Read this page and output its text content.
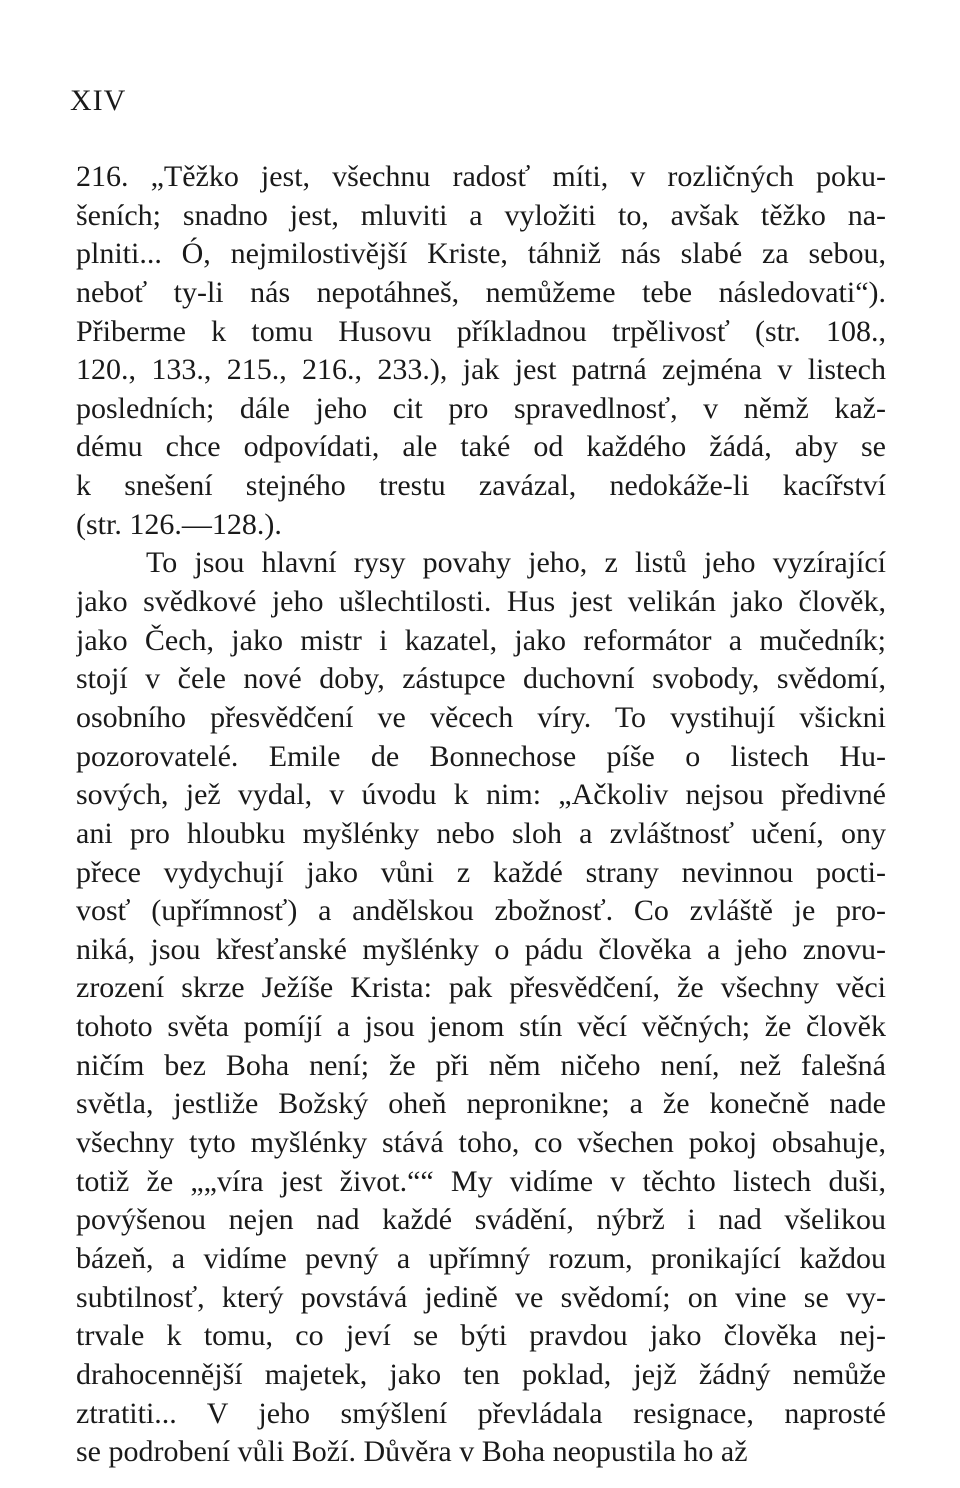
XIV
216. „Těžko jest, všechnu radosť míti, v rozličných poku-
šeních; snadno jest, mluviti a vyložiti to, avšak těžko na-
plniti... Ó, nejmilostivější Kriste, táhniž nás slabé za sebou,
neboť ty-li nás nepotáhneš, nemůžeme tebe následovati“).
Přiberme k tomu Husovu příkladnou trpělivosť (str. 108.,
120., 133., 215., 216., 233.), jak jest patrná zejména v listech
posledních; dále jeho cit pro spravedlnosť, v němž kaž-
dému chce odpovídati, ale také od každého žádá, aby se
k snešení stejného trestu zavázal, nedokáže-li kacířství
(str. 126.—128.).
To jsou hlavní rysy povahy jeho, z listů jeho vyzírající
jako svědkové jeho ušlechtilosti. Hus jest velikán jako člověk,
jako Čech, jako mistr i kazatel, jako reformátor a mučedník;
stojí v čele nové doby, zástupce duchovní svobody, svědomí,
osobního přesvědčení ve věcech víry. To vystihují všickni
pozorovatelé. Emile de Bonnechose píše o listech Hu-
sových, jež vydal, v úvodu k nim: „Ačkoliv nejsou předivné
ani pro hloubku myšlénky nebo sloh a zvláštnosť učení, ony
přece vydychují jako vůni z každé strany nevinnou pocti-
vosť (upřímnosť) a andělskou zbožnosť. Co zvláště je pro-
niká, jsou křesťanské myšlénky o pádu člověka a jeho znovu-
zrození skrze Ježíše Krista: pak přesvědčení, že všechny věci
tohoto světa pomíjí a jsou jenom stín věcí věčných; že člověk
ničím bez Boha není; že při něm ničeho není, než falešná
světla, jestliže Božský oheň nepronikne; a že konečně nade
všechny tyto myšlénky stává toho, co všechen pokoj obsahuje,
totiž že „„víra jest život.““ My vidíme v těchto listech duši,
povýšenou nejen nad každé svádění, nýbrž i nad všelikou
bázeň, a vidíme pevný a upřímný rozum, pronikající každou
subtilnosť, který povstává jedině ve svědomí; on vine se vy-
trvale k tomu, co jeví se býti pravdou jako člověka nej-
drahocennější majetek, jako ten poklad, jejž žádný nemůže
ztratiti... V jeho smýšlení převládala resignace, naprosté
se podrobení vůli Boží. Důvěra v Boha neopustila ho až
